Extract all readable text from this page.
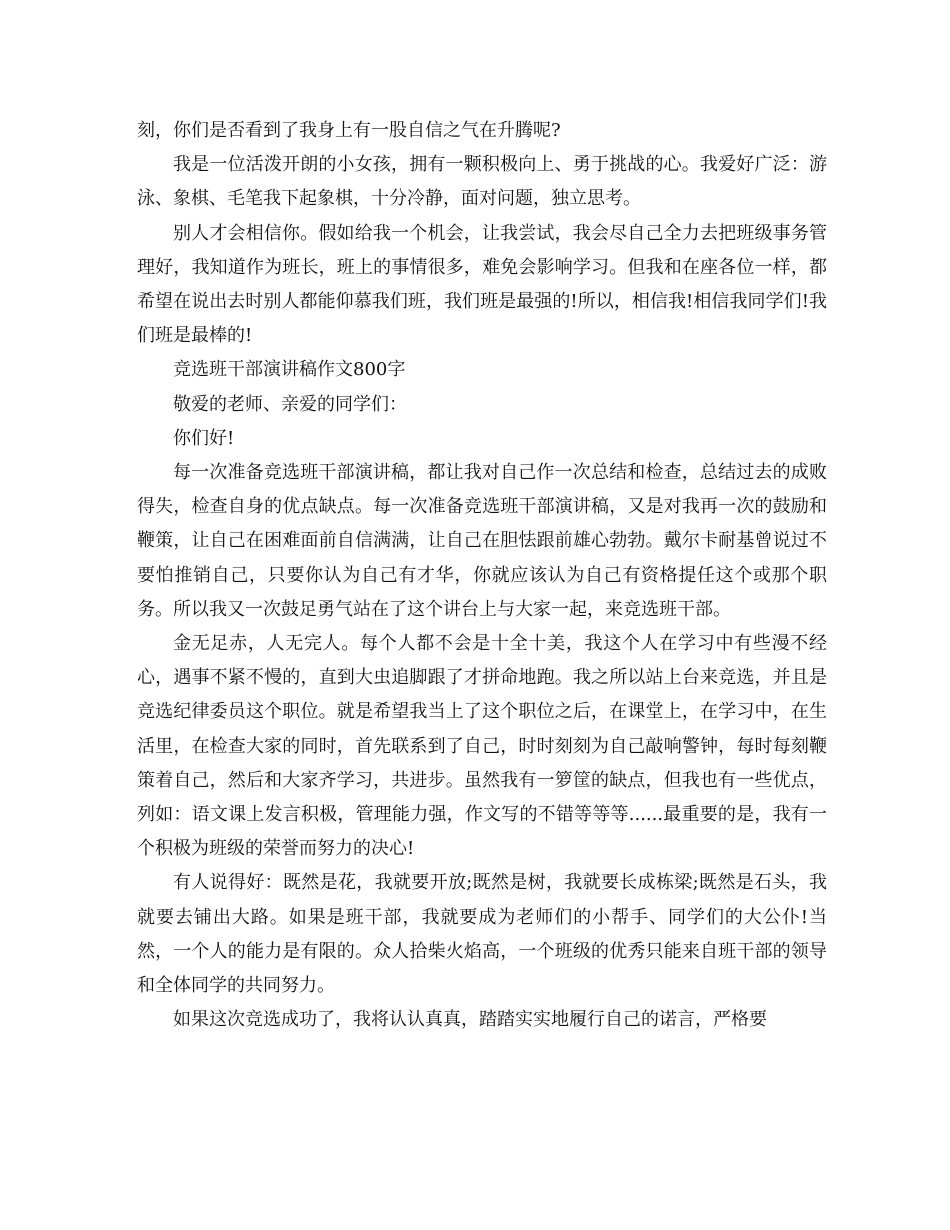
刻，你们是否看到了我身上有一股自信之气在升腾呢?

我是一位活泼开朗的小女孩，拥有一颗积极向上、勇于挑战的心。我爱好广泛：游泳、象棋、毛笔我下起象棋，十分冷静，面对问题，独立思考。

别人才会相信你。假如给我一个机会，让我尝试，我会尽自己全力去把班级事务管理好，我知道作为班长，班上的事情很多，难免会影响学习。但我和在座各位一样，都希望在说出去时别人都能仰慕我们班，我们班是最强的!所以，相信我!相信我同学们!我们班是最棒的!

竞选班干部演讲稿作文800字

敬爱的老师、亲爱的同学们：

你们好!

每一次准备竞选班干部演讲稿，都让我对自己作一次总结和检查，总结过去的成败得失，检查自身的优点缺点。每一次准备竞选班干部演讲稿，又是对我再一次的鼓励和鞭策，让自己在困难面前自信满满，让自己在胆怯跟前雄心勃勃。戴尔卡耐基曾说过不要怕推销自己，只要你认为自己有才华，你就应该认为自己有资格提任这个或那个职务。所以我又一次鼓足勇气站在了这个讲台上与大家一起，来竞选班干部。

金无足赤，人无完人。每个人都不会是十全十美，我这个人在学习中有些漫不经心，遇事不紧不慢的，直到大虫追脚跟了才拼命地跑。我之所以站上台来竞选，并且是竞选纪律委员这个职位。就是希望我当上了这个职位之后，在课堂上，在学习中，在生活里，在检查大家的同时，首先联系到了自己，时时刻刻为自己敲响警钟，每时每刻鞭策着自己，然后和大家齐学习，共进步。虽然我有一箩筐的缺点，但我也有一些优点，列如：语文课上发言积极，管理能力强，作文写的不错等等等......最重要的是，我有一个积极为班级的荣誉而努力的决心!

有人说得好：既然是花，我就要开放;既然是树，我就要长成栋梁;既然是石头，我就要去铺出大路。如果是班干部，我就要成为老师们的小帮手、同学们的大公仆!当然，一个人的能力是有限的。众人拾柴火焰高，一个班级的优秀只能来自班干部的领导和全体同学的共同努力。

如果这次竞选成功了，我将认认真真，踏踏实实地履行自己的诺言，严格要
